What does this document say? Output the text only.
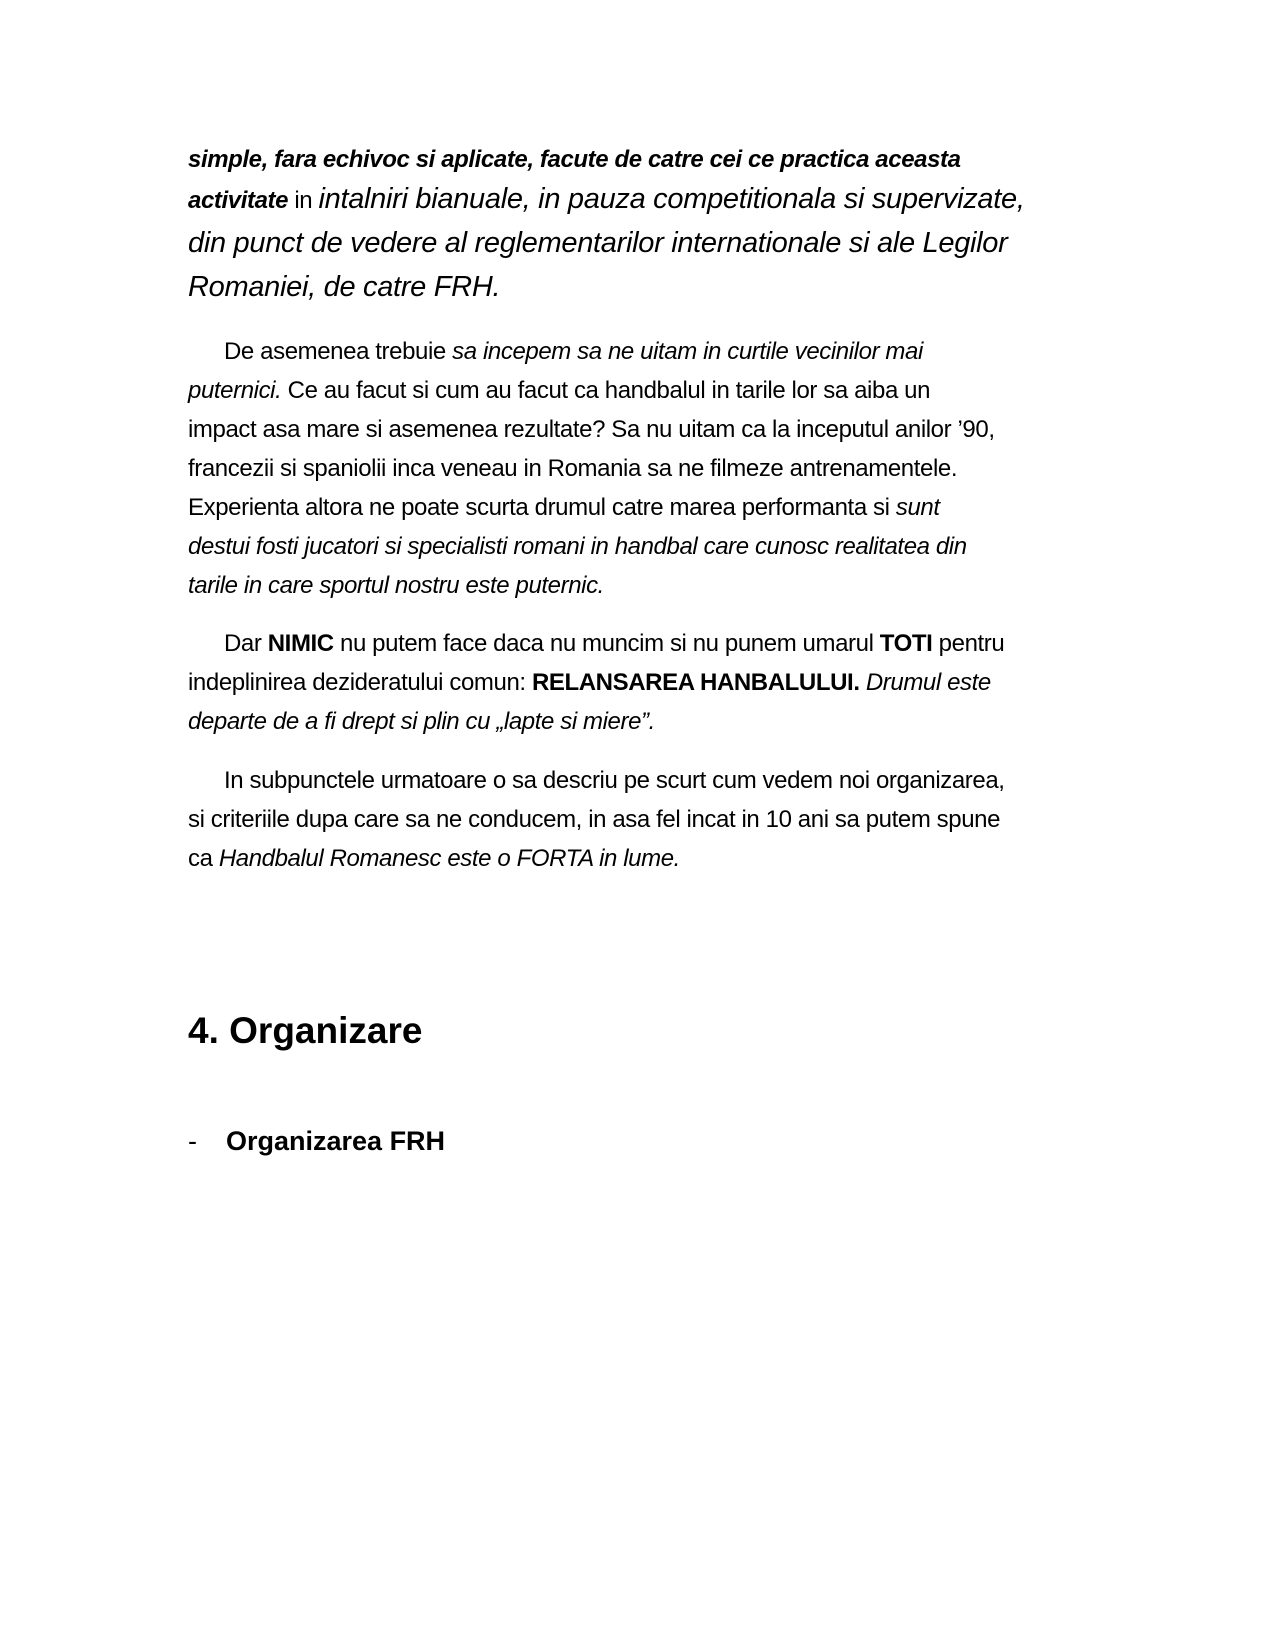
simple, fara echivoc si aplicate, facute de catre cei ce practica aceasta
activitate in intalniri bianuale, in pauza competitionala si supervizate,
din punct de vedere al reglementarilor internationale si ale Legilor
Romaniei, de catre FRH.
De asemenea trebuie sa incepem sa ne uitam in curtile vecinilor mai
puternici. Ce au facut si cum au facut ca handbalul in tarile lor sa aiba un
impact asa mare si asemenea rezultate? Sa nu uitam ca la inceputul anilor ’90,
francezii si spaniolii inca veneau in Romania sa ne filmeze antrenamentele.
Experienta altora ne poate scurta drumul catre marea performanta si sunt
destui fosti jucatori si specialisti romani in handbal care cunosc realitatea din
tarile in care sportul nostru este puternic.
Dar NIMIC nu putem face daca nu muncim si nu punem umarul TOTI pentru
indeplinirea dezideratului comun: RELANSAREA HANBALULUI. Drumul este
departe de a fi drept si plin cu „lapte si miere”.
In subpunctele urmatoare o sa descriu pe scurt cum vedem noi organizarea,
si criteriile dupa care sa ne conducem, in asa fel incat in 10 ani sa putem spune
ca Handbalul Romanesc este o FORTA in lume.
4. Organizare
- Organizarea FRH
